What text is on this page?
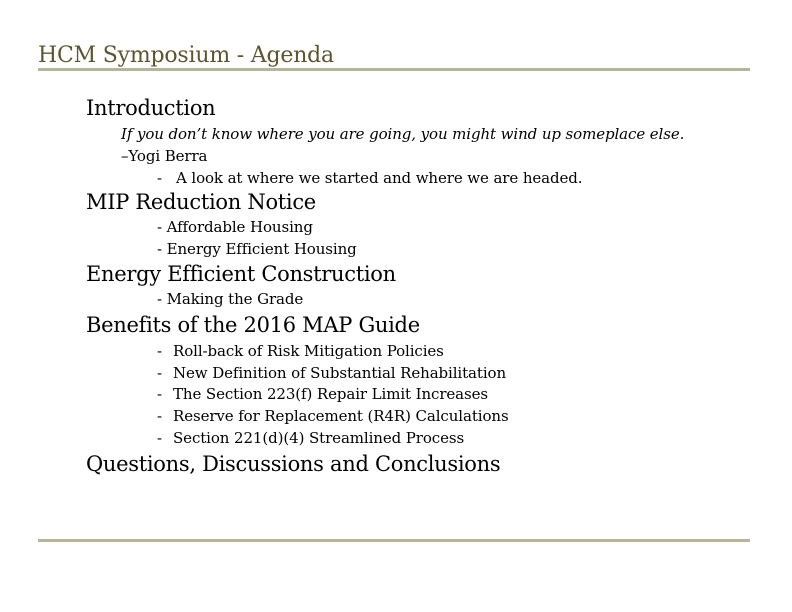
HCM Symposium - Agenda
Introduction
If you don’t know where you are going, you might wind up someplace else.
–Yogi Berra
-   A look at where we started and where we are headed.
MIP Reduction Notice
- Affordable Housing
- Energy Efficient Housing
Energy Efficient Construction
- Making the Grade
Benefits of the 2016 MAP Guide
- Roll-back of Risk Mitigation Policies
- New Definition of Substantial Rehabilitation
- The Section 223(f) Repair Limit Increases
- Reserve for Replacement (R4R) Calculations
- Section 221(d)(4) Streamlined Process
Questions, Discussions and Conclusions
